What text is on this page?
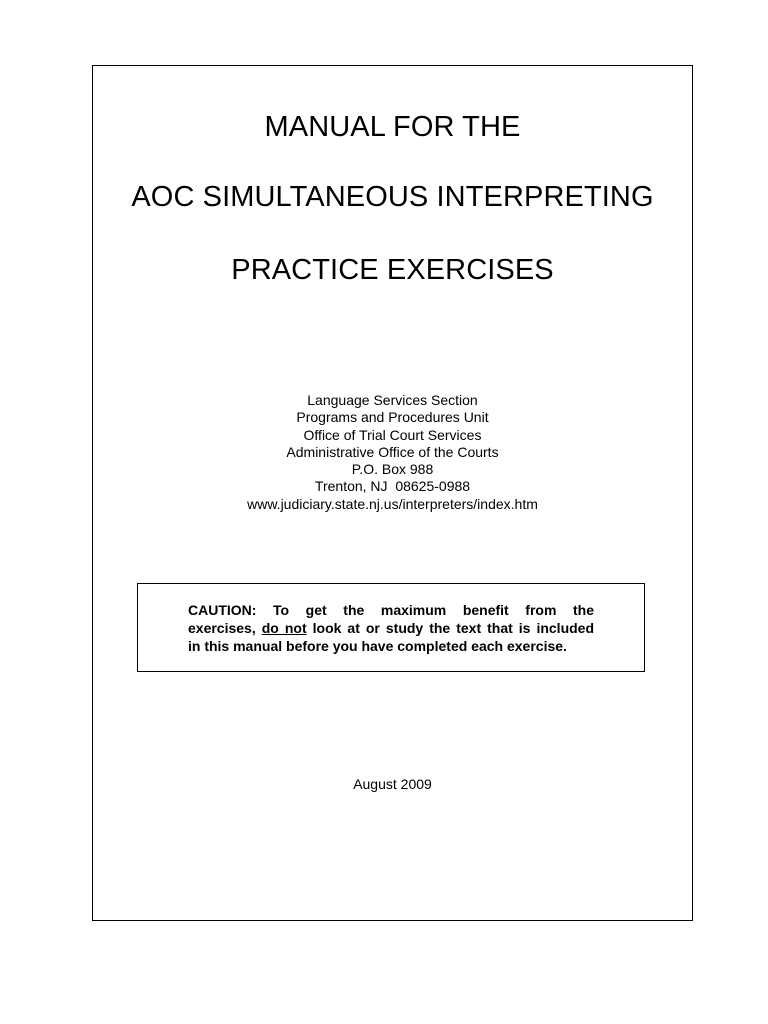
MANUAL FOR THE
AOC SIMULTANEOUS INTERPRETING
PRACTICE EXERCISES
Language Services Section
Programs and Procedures Unit
Office of Trial Court Services
Administrative Office of the Courts
P.O. Box 988
Trenton, NJ  08625-0988
www.judiciary.state.nj.us/interpreters/index.htm
CAUTION: To get the maximum benefit from the
exercises, do not look at or study the text that is included
in this manual before you have completed each exercise.
August 2009
